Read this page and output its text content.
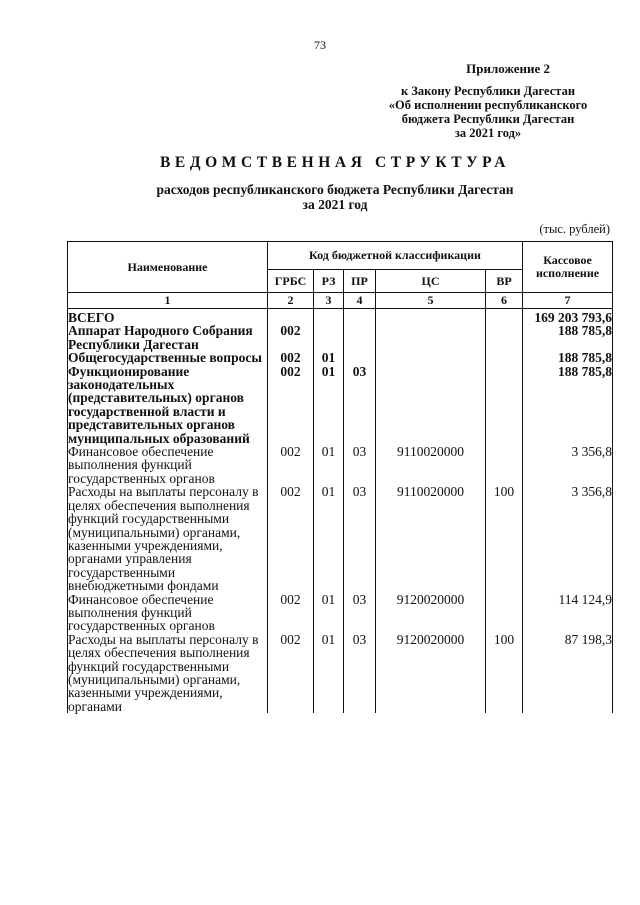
73
Приложение 2
к Закону Республики Дагестан
«Об исполнении республиканского
бюджета Республики Дагестан
за 2021 год»
ВЕДОМСТВЕННАЯ СТРУКТУРА
расходов республиканского бюджета Республики Дагестан
за 2021 год
(тыс. рублей)
Наименование	Код бюджетной классификации					Кассовое исполнение
	ГРБС	РЗ	ПР	ЦС	ВР	
1	2	3	4	5	6	7
ВСЕГО						169 203 793,6
Аппарат Народного Собрания Республики Дагестан	002					188 785,8
Общегосударственные вопросы	002	01				188 785,8
Функционирование законодательных (представительных) органов государственной власти и представительных органов муниципальных образований	002	01	03			188 785,8
Финансовое обеспечение выполнения функций государственных органов	002	01	03	9110020000		3 356,8
Расходы на выплаты персоналу в целях обеспечения выполнения функций государственными (муниципальными) органами, казенными учреждениями, органами управления государственными внебюджетными фондами	002	01	03	9110020000	100	3 356,8
Финансовое обеспечение выполнения функций государственных органов	002	01	03	9120020000		114 124,9
Расходы на выплаты персоналу в целях обеспечения выполнения функций государственными (муниципальными) органами, казенными учреждениями, органами	002	01	03	9120020000	100	87 198,3
